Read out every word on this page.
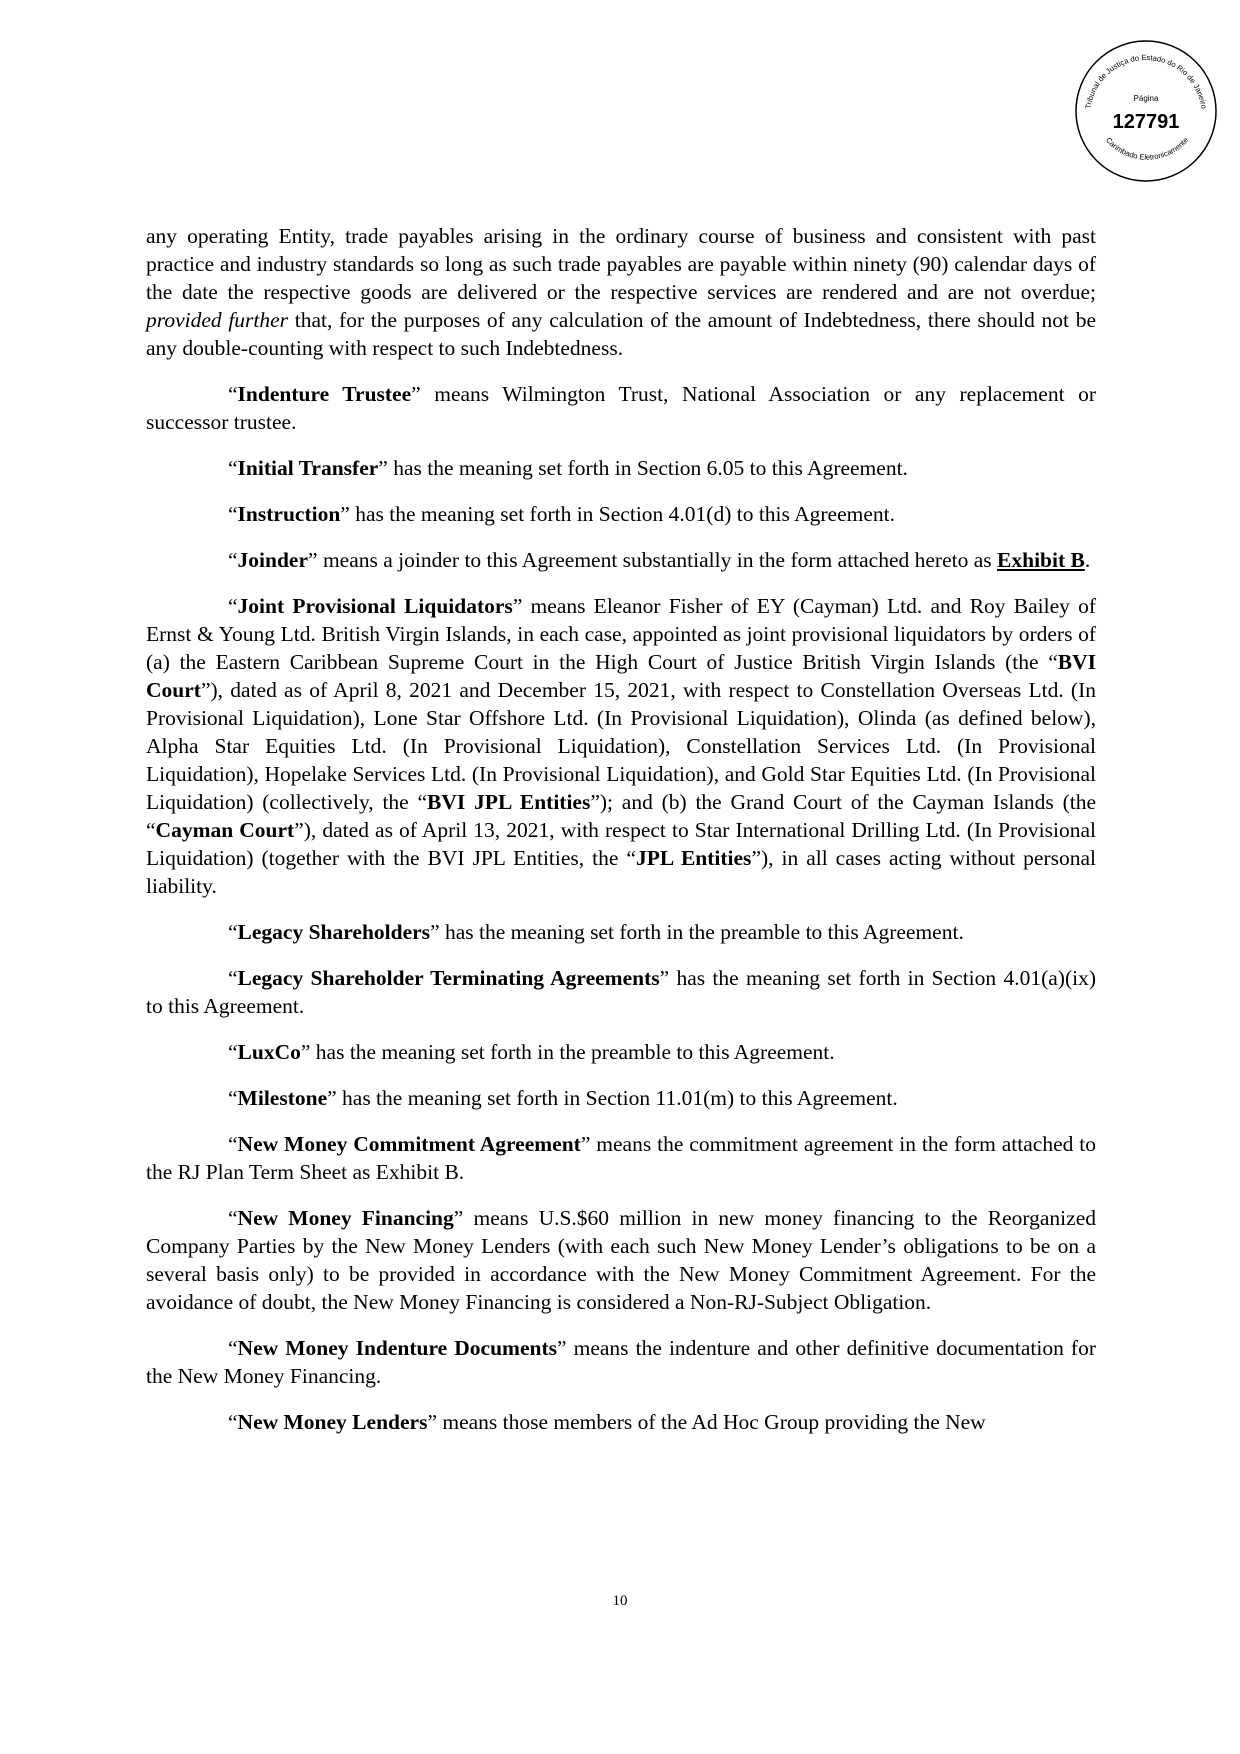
Tribunal de Justiça do Estado do Rio de Janeiro
Página
127791
Carimbado Eletronicamente

any operating Entity, trade payables arising in the ordinary course of business and consistent with past practice and industry standards so long as such trade payables are payable within ninety (90) calendar days of the date the respective goods are delivered or the respective services are rendered and are not overdue; provided further that, for the purposes of any calculation of the amount of Indebtedness, there should not be any double-counting with respect to such Indebtedness.

“Indenture Trustee” means Wilmington Trust, National Association or any replacement or successor trustee.

“Initial Transfer” has the meaning set forth in Section 6.05 to this Agreement.

“Instruction” has the meaning set forth in Section 4.01(d) to this Agreement.

“Joinder” means a joinder to this Agreement substantially in the form attached hereto as Exhibit B.

“Joint Provisional Liquidators” means Eleanor Fisher of EY (Cayman) Ltd. and Roy Bailey of Ernst & Young Ltd. British Virgin Islands, in each case, appointed as joint provisional liquidators by orders of (a) the Eastern Caribbean Supreme Court in the High Court of Justice British Virgin Islands (the “BVI Court”), dated as of April 8, 2021 and December 15, 2021, with respect to Constellation Overseas Ltd. (In Provisional Liquidation), Lone Star Offshore Ltd. (In Provisional Liquidation), Olinda (as defined below), Alpha Star Equities Ltd. (In Provisional Liquidation), Constellation Services Ltd. (In Provisional Liquidation), Hopelake Services Ltd. (In Provisional Liquidation), and Gold Star Equities Ltd. (In Provisional Liquidation) (collectively, the “BVI JPL Entities”); and (b) the Grand Court of the Cayman Islands (the “Cayman Court”), dated as of April 13, 2021, with respect to Star International Drilling Ltd. (In Provisional Liquidation) (together with the BVI JPL Entities, the “JPL Entities”), in all cases acting without personal liability.

“Legacy Shareholders” has the meaning set forth in the preamble to this Agreement.

“Legacy Shareholder Terminating Agreements” has the meaning set forth in Section 4.01(a)(ix) to this Agreement.

“LuxCo” has the meaning set forth in the preamble to this Agreement.

“Milestone” has the meaning set forth in Section 11.01(m) to this Agreement.

“New Money Commitment Agreement” means the commitment agreement in the form attached to the RJ Plan Term Sheet as Exhibit B.

“New Money Financing” means U.S.$60 million in new money financing to the Reorganized Company Parties by the New Money Lenders (with each such New Money Lender’s obligations to be on a several basis only) to be provided in accordance with the New Money Commitment Agreement. For the avoidance of doubt, the New Money Financing is considered a Non-RJ-Subject Obligation.

“New Money Indenture Documents” means the indenture and other definitive documentation for the New Money Financing.

“New Money Lenders” means those members of the Ad Hoc Group providing the New

10
